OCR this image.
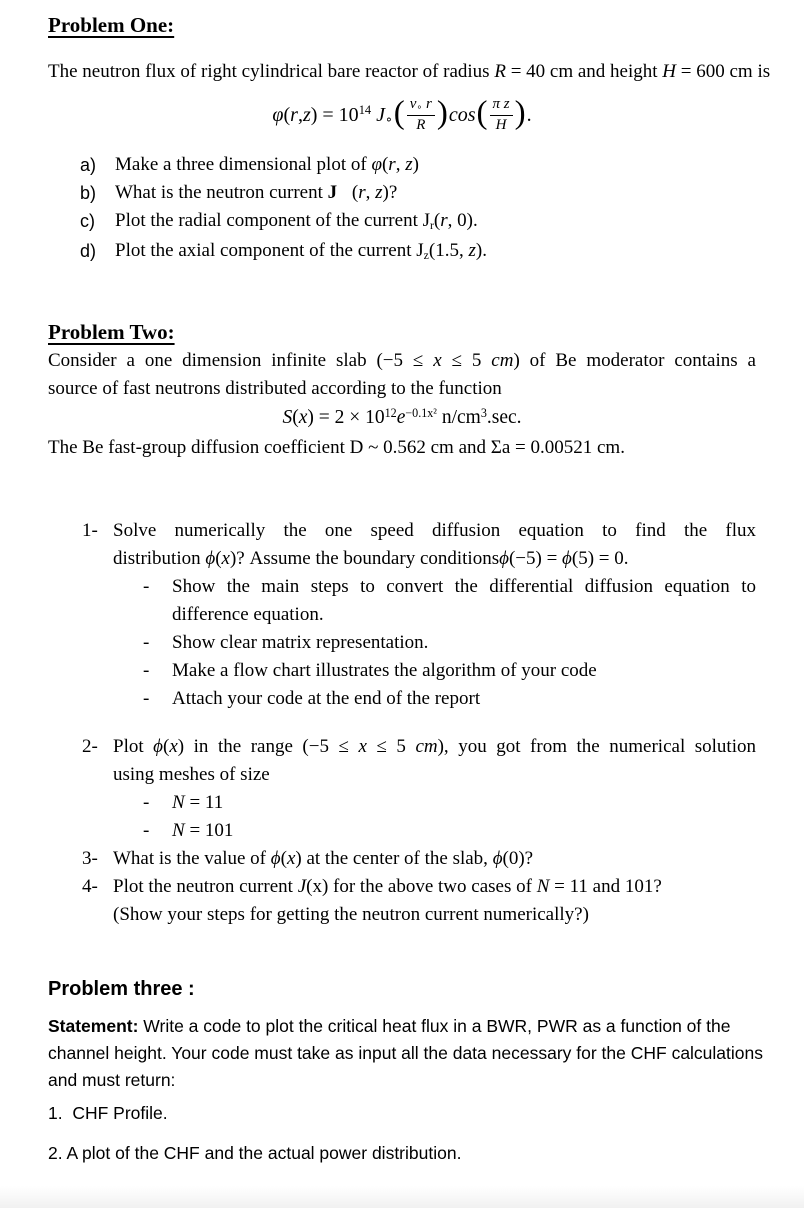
Problem One:
The neutron flux of right cylindrical bare reactor of radius R = 40 cm and height H = 600 cm is
$\varphi(r,z) = 10^{14}$ J∘ ( $\frac{v\circ r}{R}$ ) cos ( $\frac{\text{π z}}{H}$ ) .
a) Make a three dimensional plot of φ(r, z)
b) What is the neutron current J⃗(r, z)?
c)	Plot the radial component of the current Jr(r, 0).
d) Plot the axial component of the current Jz(1.5, z).
Problem Two:
Consider a one dimension infinite slab (−5 ≤ x ≤ 5 cm) of Be moderator contains a
source of fast neutrons distributed according to the function
$S(x) = 2 \times 10^{12}e^{-0.1x^2}$ $n/cm^3.\sec$.
The Be fast-group diffusion coefficient D ~ 0.562 cm and Σa = 0.00521 cm.
1- Solve numerically the one speed diffusion equation to find the flux
distribution ϕ(x)? Assume the boundary conditionsϕ(−5) = ϕ(5) = 0.
-	Show the main steps to convert the differential diffusion equation to
difference equation.
-	Show clear matrix representation.
-	Make a flow chart illustrates the algorithm of your code
-	Attach your code at the end of the report
2- Plot ϕ(x) in the range (−5 ≤ x ≤ 5 cm), you got from the numerical solution
using meshes of size
-	N = 11
-	N = 101
3- What is the value of ϕ(x) at the center of the slab, ϕ(0)?
4- Plot the neutron current J(x) for the above two cases of N = 11 and 101?
(Show your steps for getting the neutron current numerically?)
Problem three :
Statement: Write a code to plot the critical heat flux in a BWR, PWR as a function of the
channel height. Your code must take as input all the data necessary for the CHF calculations
and must return:
1.  CHF Profile.
2. A plot of the CHF and the actual power distribution.
